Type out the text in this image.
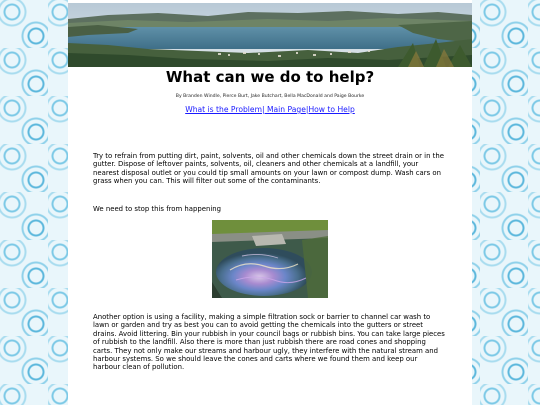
What can we do to help?
By Branden Windle, Pierce Burt, Jake Butchart, Bella MacDonald and Paige Bourke
What is the Problem| Main Page|How to Help

Try to refrain from putting dirt, paint, solvents, oil and other chemicals down the street drain or in the gutter. Dispose of leftover paints, solvents, oil, cleaners and other chemicals at a landfill, your nearest disposal outlet or you could tip small amounts on your lawn or compost dump. Wash cars on grass when you can. This will filter out some of the contaminants.

We need to stop this from happening

Another option is using a facility, making a simple filtration sock or barrier to channel car wash to lawn or garden and try as best you can to avoid getting the chemicals into the gutters or street drains. Avoid littering. Bin your rubbish in your council bags or rubbish bins. You can take large pieces of rubbish to the landfill. Also there is more than just rubbish there are road cones and shopping carts. They not only make our streams and harbour ugly, they interfere with the natural stream and harbour systems. So we should leave the cones and carts where we found them and keep our harbour clean of pollution.
